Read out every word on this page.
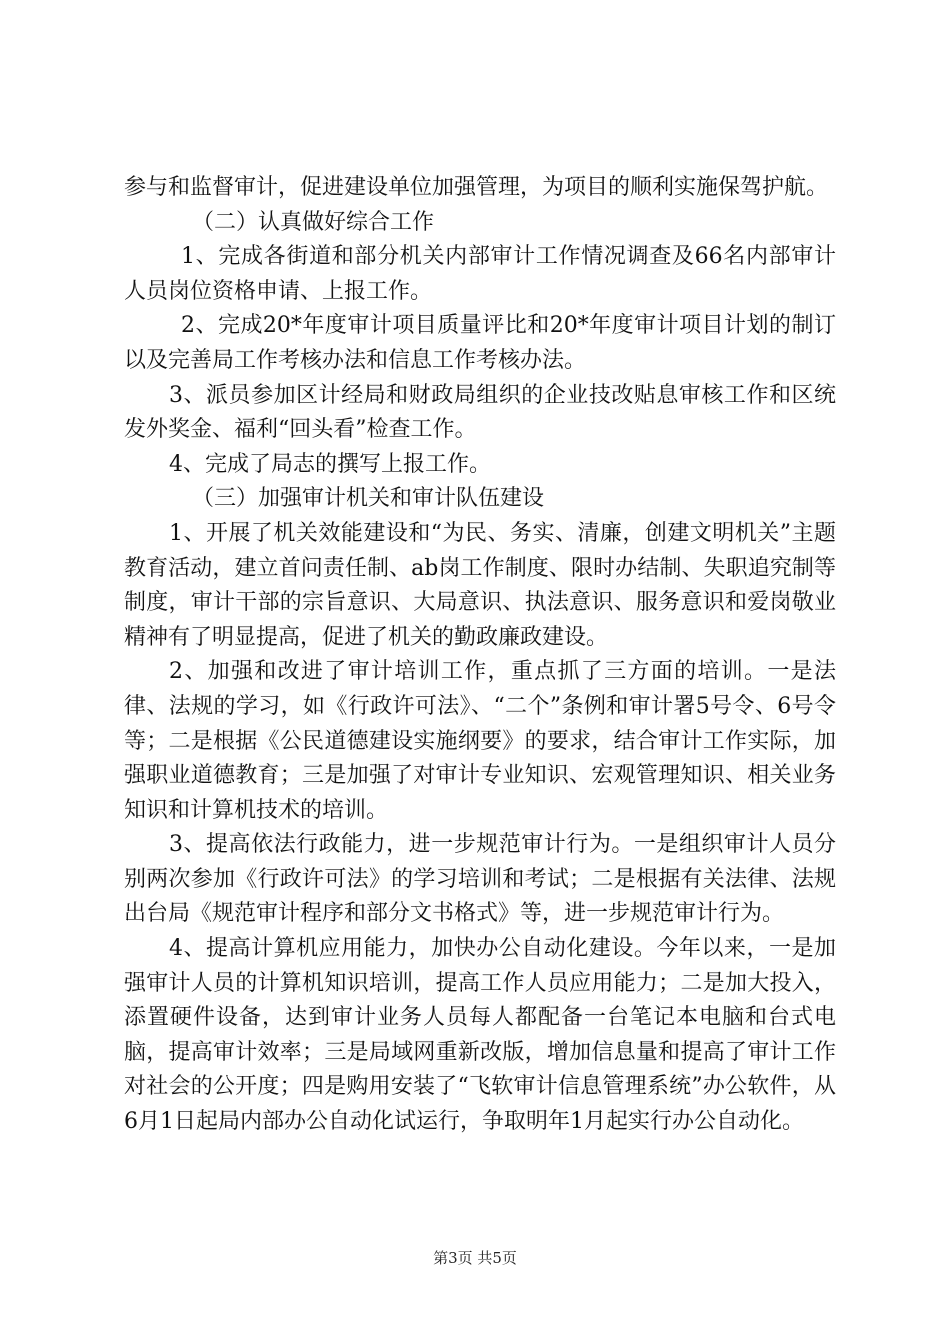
参与和监督审计，促进建设单位加强管理，为项目的顺利实施保驾护航。

（二）认真做好综合工作

1、完成各街道和部分机关内部审计工作情况调查及66名内部审计人员岗位资格申请、上报工作。

2、完成20*年度审计项目质量评比和20*年度审计项目计划的制订以及完善局工作考核办法和信息工作考核办法。

3、派员参加区计经局和财政局组织的企业技改贴息审核工作和区统发外奖金、福利“回头看”检查工作。

4、完成了局志的撰写上报工作。

（三）加强审计机关和审计队伍建设

1、开展了机关效能建设和“为民、务实、清廉，创建文明机关”主题教育活动，建立首问责任制、ab岗工作制度、限时办结制、失职追究制等制度，审计干部的宗旨意识、大局意识、执法意识、服务意识和爱岗敬业精神有了明显提高，促进了机关的勤政廉政建设。

2、加强和改进了审计培训工作，重点抓了三方面的培训。一是法律、法规的学习，如《行政许可法》、“二个”条例和审计署5号令、6号令等；二是根据《公民道德建设实施纲要》的要求，结合审计工作实际，加强职业道德教育；三是加强了对审计专业知识、宏观管理知识、相关业务知识和计算机技术的培训。

3、提高依法行政能力，进一步规范审计行为。一是组织审计人员分别两次参加《行政许可法》的学习培训和考试；二是根据有关法律、法规出台局《规范审计程序和部分文书格式》等，进一步规范审计行为。

4、提高计算机应用能力，加快办公自动化建设。今年以来，一是加强审计人员的计算机知识培训，提高工作人员应用能力；二是加大投入，添置硬件设备，达到审计业务人员每人都配备一台笔记本电脑和台式电脑，提高审计效率；三是局域网重新改版，增加信息量和提高了审计工作对社会的公开度；四是购用安装了“飞软审计信息管理系统”办公软件，从6月1日起局内部办公自动化试运行，争取明年1月起实行办公自动化。

第3页 共5页
